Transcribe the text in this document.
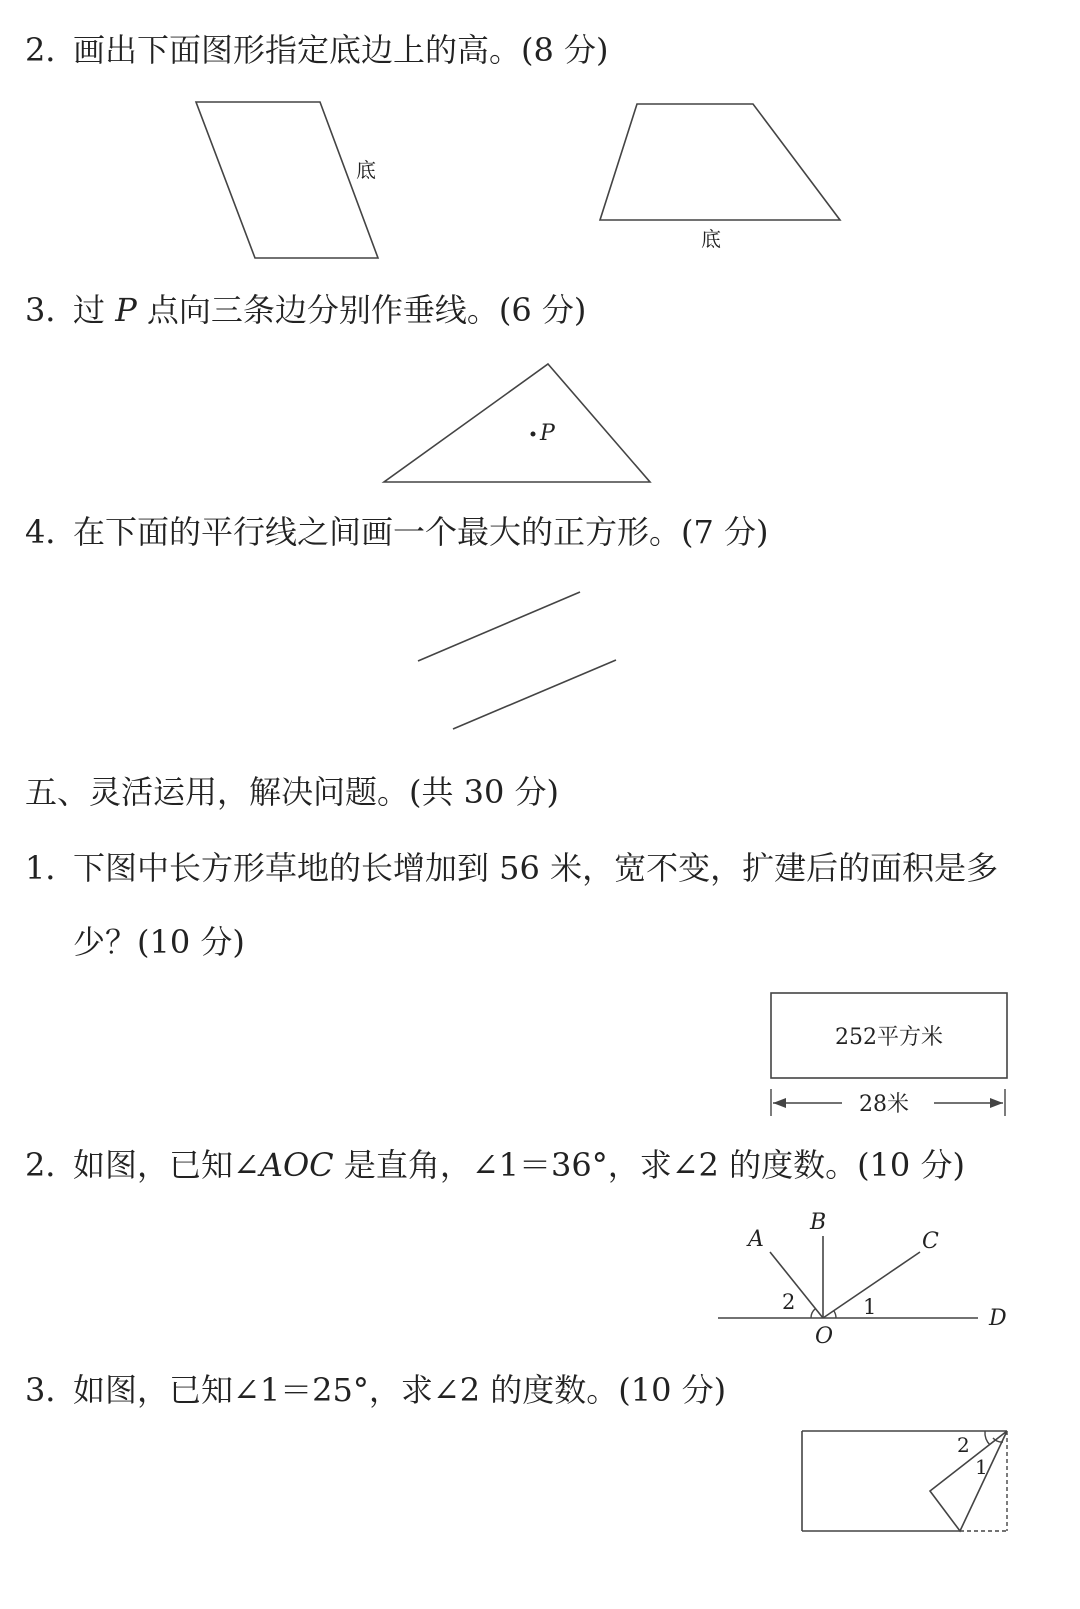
2．画出下面图形指定底边上的高。(8 分)
3．过 P 点向三条边分别作垂线。(6 分)
4．在下面的平行线之间画一个最大的正方形。(7 分)
五、灵活运用，解决问题。(共 30 分)
1．下图中长方形草地的长增加到 56 米，宽不变，扩建后的面积是多
少？(10 分)
2．如图，已知∠AOC 是直角，∠1＝36°，求∠2 的度数。(10 分)
3．如图，已知∠1＝25°，求∠2 的度数。(10 分)
底
底
P
252平方米
28米
A
B
C
D
O
2	1
2
1
